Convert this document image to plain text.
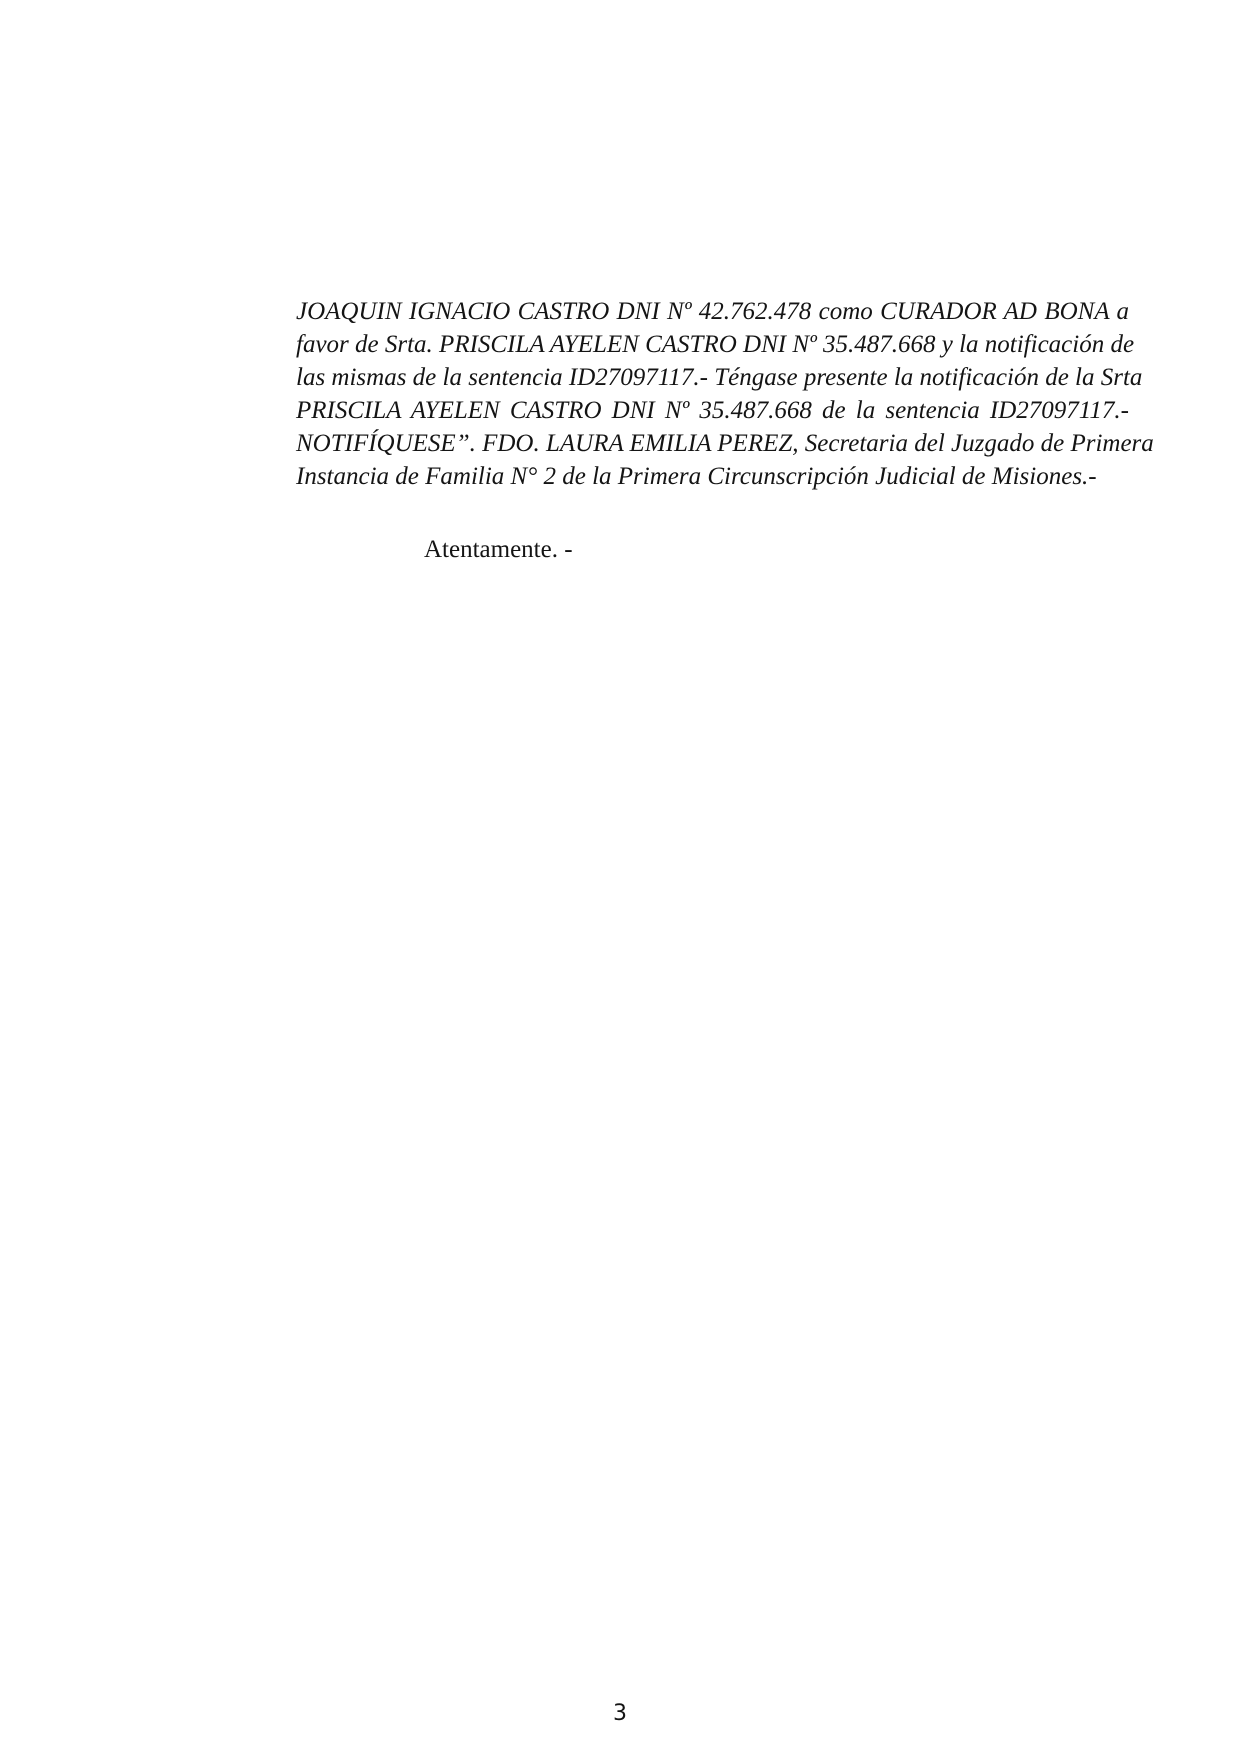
JOAQUIN IGNACIO CASTRO DNI Nº 42.762.478 como CURADOR AD BONA a
favor de Srta. PRISCILA AYELEN CASTRO DNI Nº 35.487.668 y la notificación de
las mismas de la sentencia ID27097117.- Téngase presente la notificación de la Srta
PRISCILA AYELEN CASTRO DNI Nº 35.487.668 de la sentencia ID27097117.-
NOTIFÍQUESE”. FDO. LAURA EMILIA PEREZ, Secretaria del Juzgado de Primera
Instancia de Familia N° 2 de la Primera Circunscripción Judicial de Misiones.-

Atentamente. -

3
